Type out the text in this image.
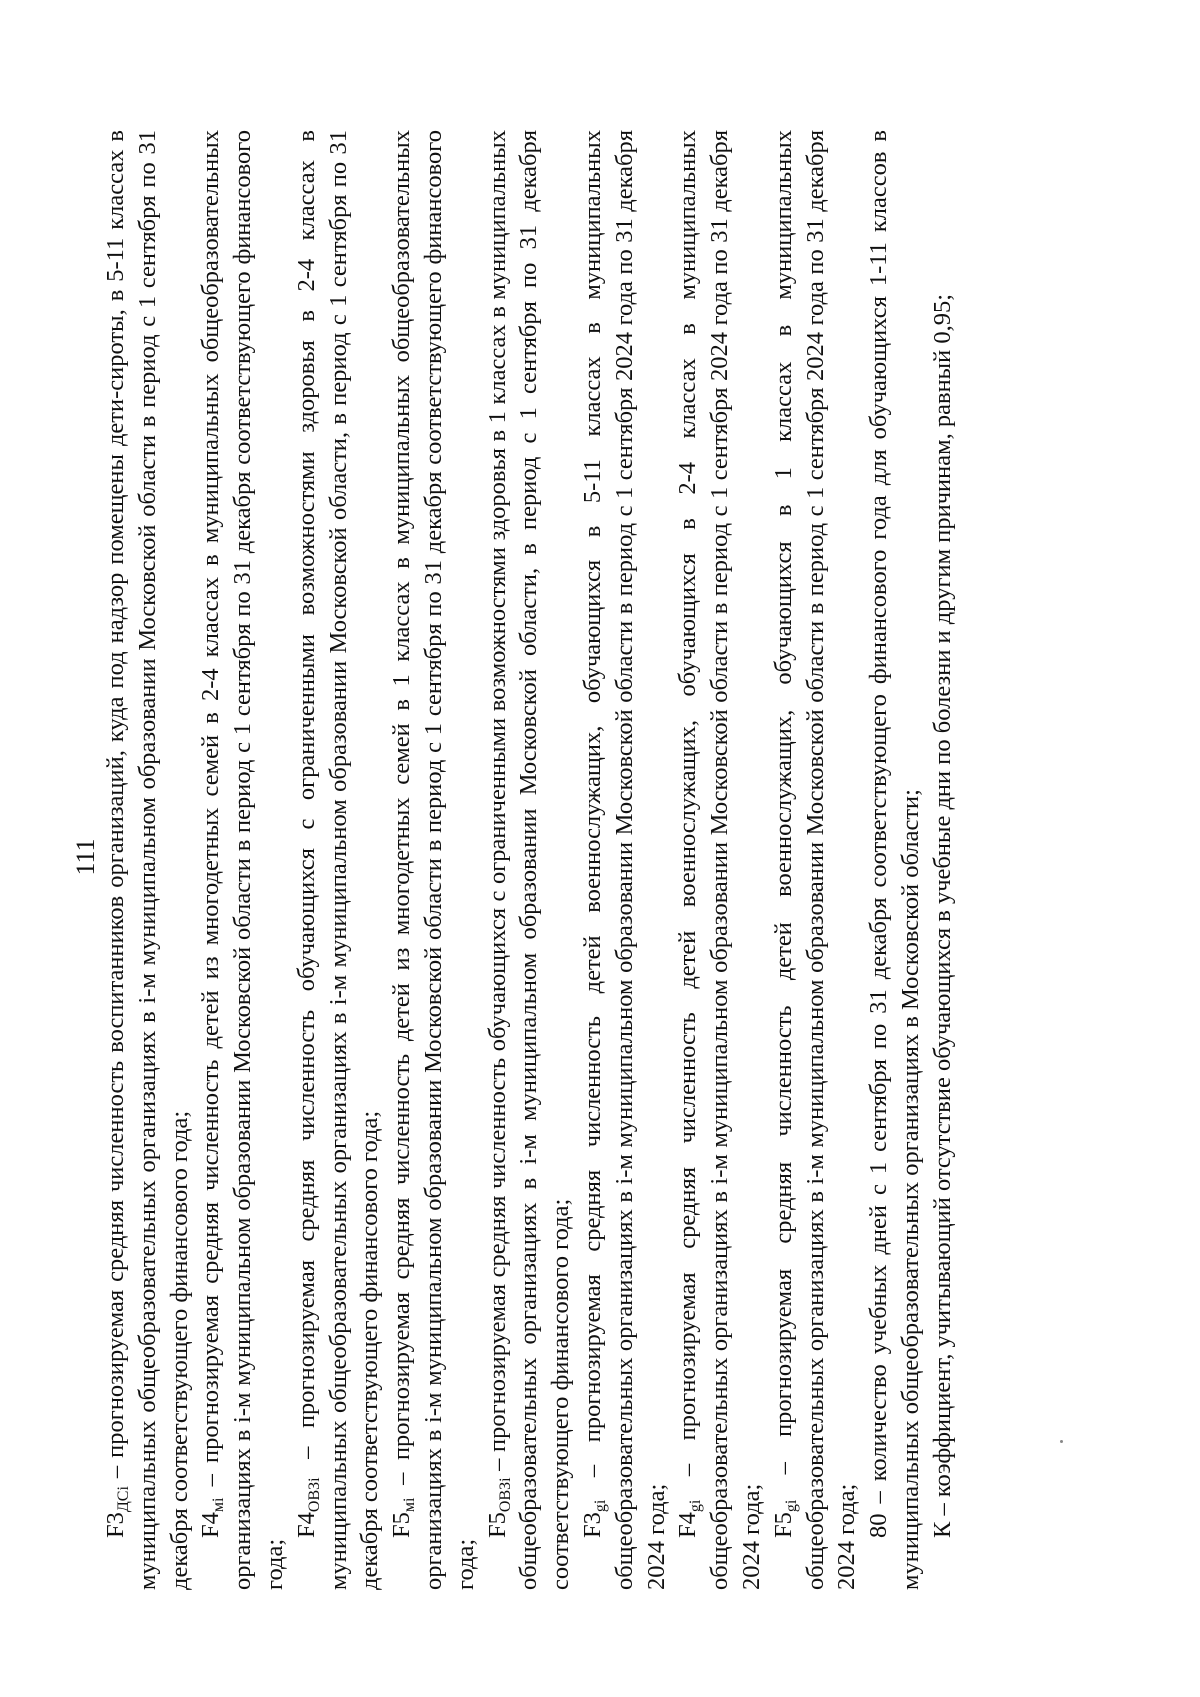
111

$F3_{ДСi}$ – прогнозируемая средняя численность воспитанников организаций, куда под надзор помещены дети-сироты, в 5-11 классах в муниципальных общеобразовательных организациях в i-м муниципальном образовании Московской области в период с 1 сентября по 31 декабря соответствующего финансового года; $F4_{мi}$ – прогнозируемая средняя численность детей из многодетных семей в 2-4 классах в муниципальных общеобразовательных организациях в i-м муниципальном образовании Московской области в период с 1 сентября по 31 декабря соответствующего финансового года;

$F4_{ОВЗi}$ – прогнозируемая средняя численность обучающихся с ограниченными возможностями здоровья в 2-4 классах в муниципальных общеобразовательных организациях в i-м муниципальном образовании Московской области, в период с 1 сентября по 31 декабря соответствующего финансового года; $F5_{мi}$ – прогнозируемая средняя численность детей из многодетных семей в 1 классах в муниципальных общеобразовательных организациях в i-м муниципальном образовании Московской области в период с 1 сентября по 31 декабря соответствующего финансового года;

$F5_{ОВЗi}$ – прогнозируемая средняя численность обучающихся с ограниченными возможностями здоровья в 1 классах в муниципальных общеобразовательных организациях в i-м муниципальном образовании Московской области, в период с 1 сентября по 31 декабря соответствующего финансового года; $F3_{gi}$ – прогнозируемая средняя численность детей военнослужащих, обучающихся в 5-11 классах в муниципальных общеобразовательных организациях в i-м муниципальном образовании Московской области в период с 1 сентября 2024 года по 31 декабря 2024 года; $F4_{gi}$ – прогнозируемая средняя численность детей военнослужащих, обучающихся в 2-4 классах в муниципальных общеобразовательных организациях в i-м муниципальном образовании Московской области в период с 1 сентября 2024 года по 31 декабря 2024 года; $F5_{gi}$ – прогнозируемая средняя численность детей военнослужащих, обучающихся в 1 классах в муниципальных общеобразовательных организациях в i-м муниципальном образовании Московской области в период с 1 сентября 2024 года по 31 декабря 2024 года; 80 – количество учебных дней с 1 сентября по 31 декабря соответствующего финансового года для обучающихся 1-11 классов в муниципальных общеобразовательных организациях в Московской области; К – коэффициент, учитывающий отсутствие обучающихся в учебные дни по болезни и другим причинам, равный 0,95;
